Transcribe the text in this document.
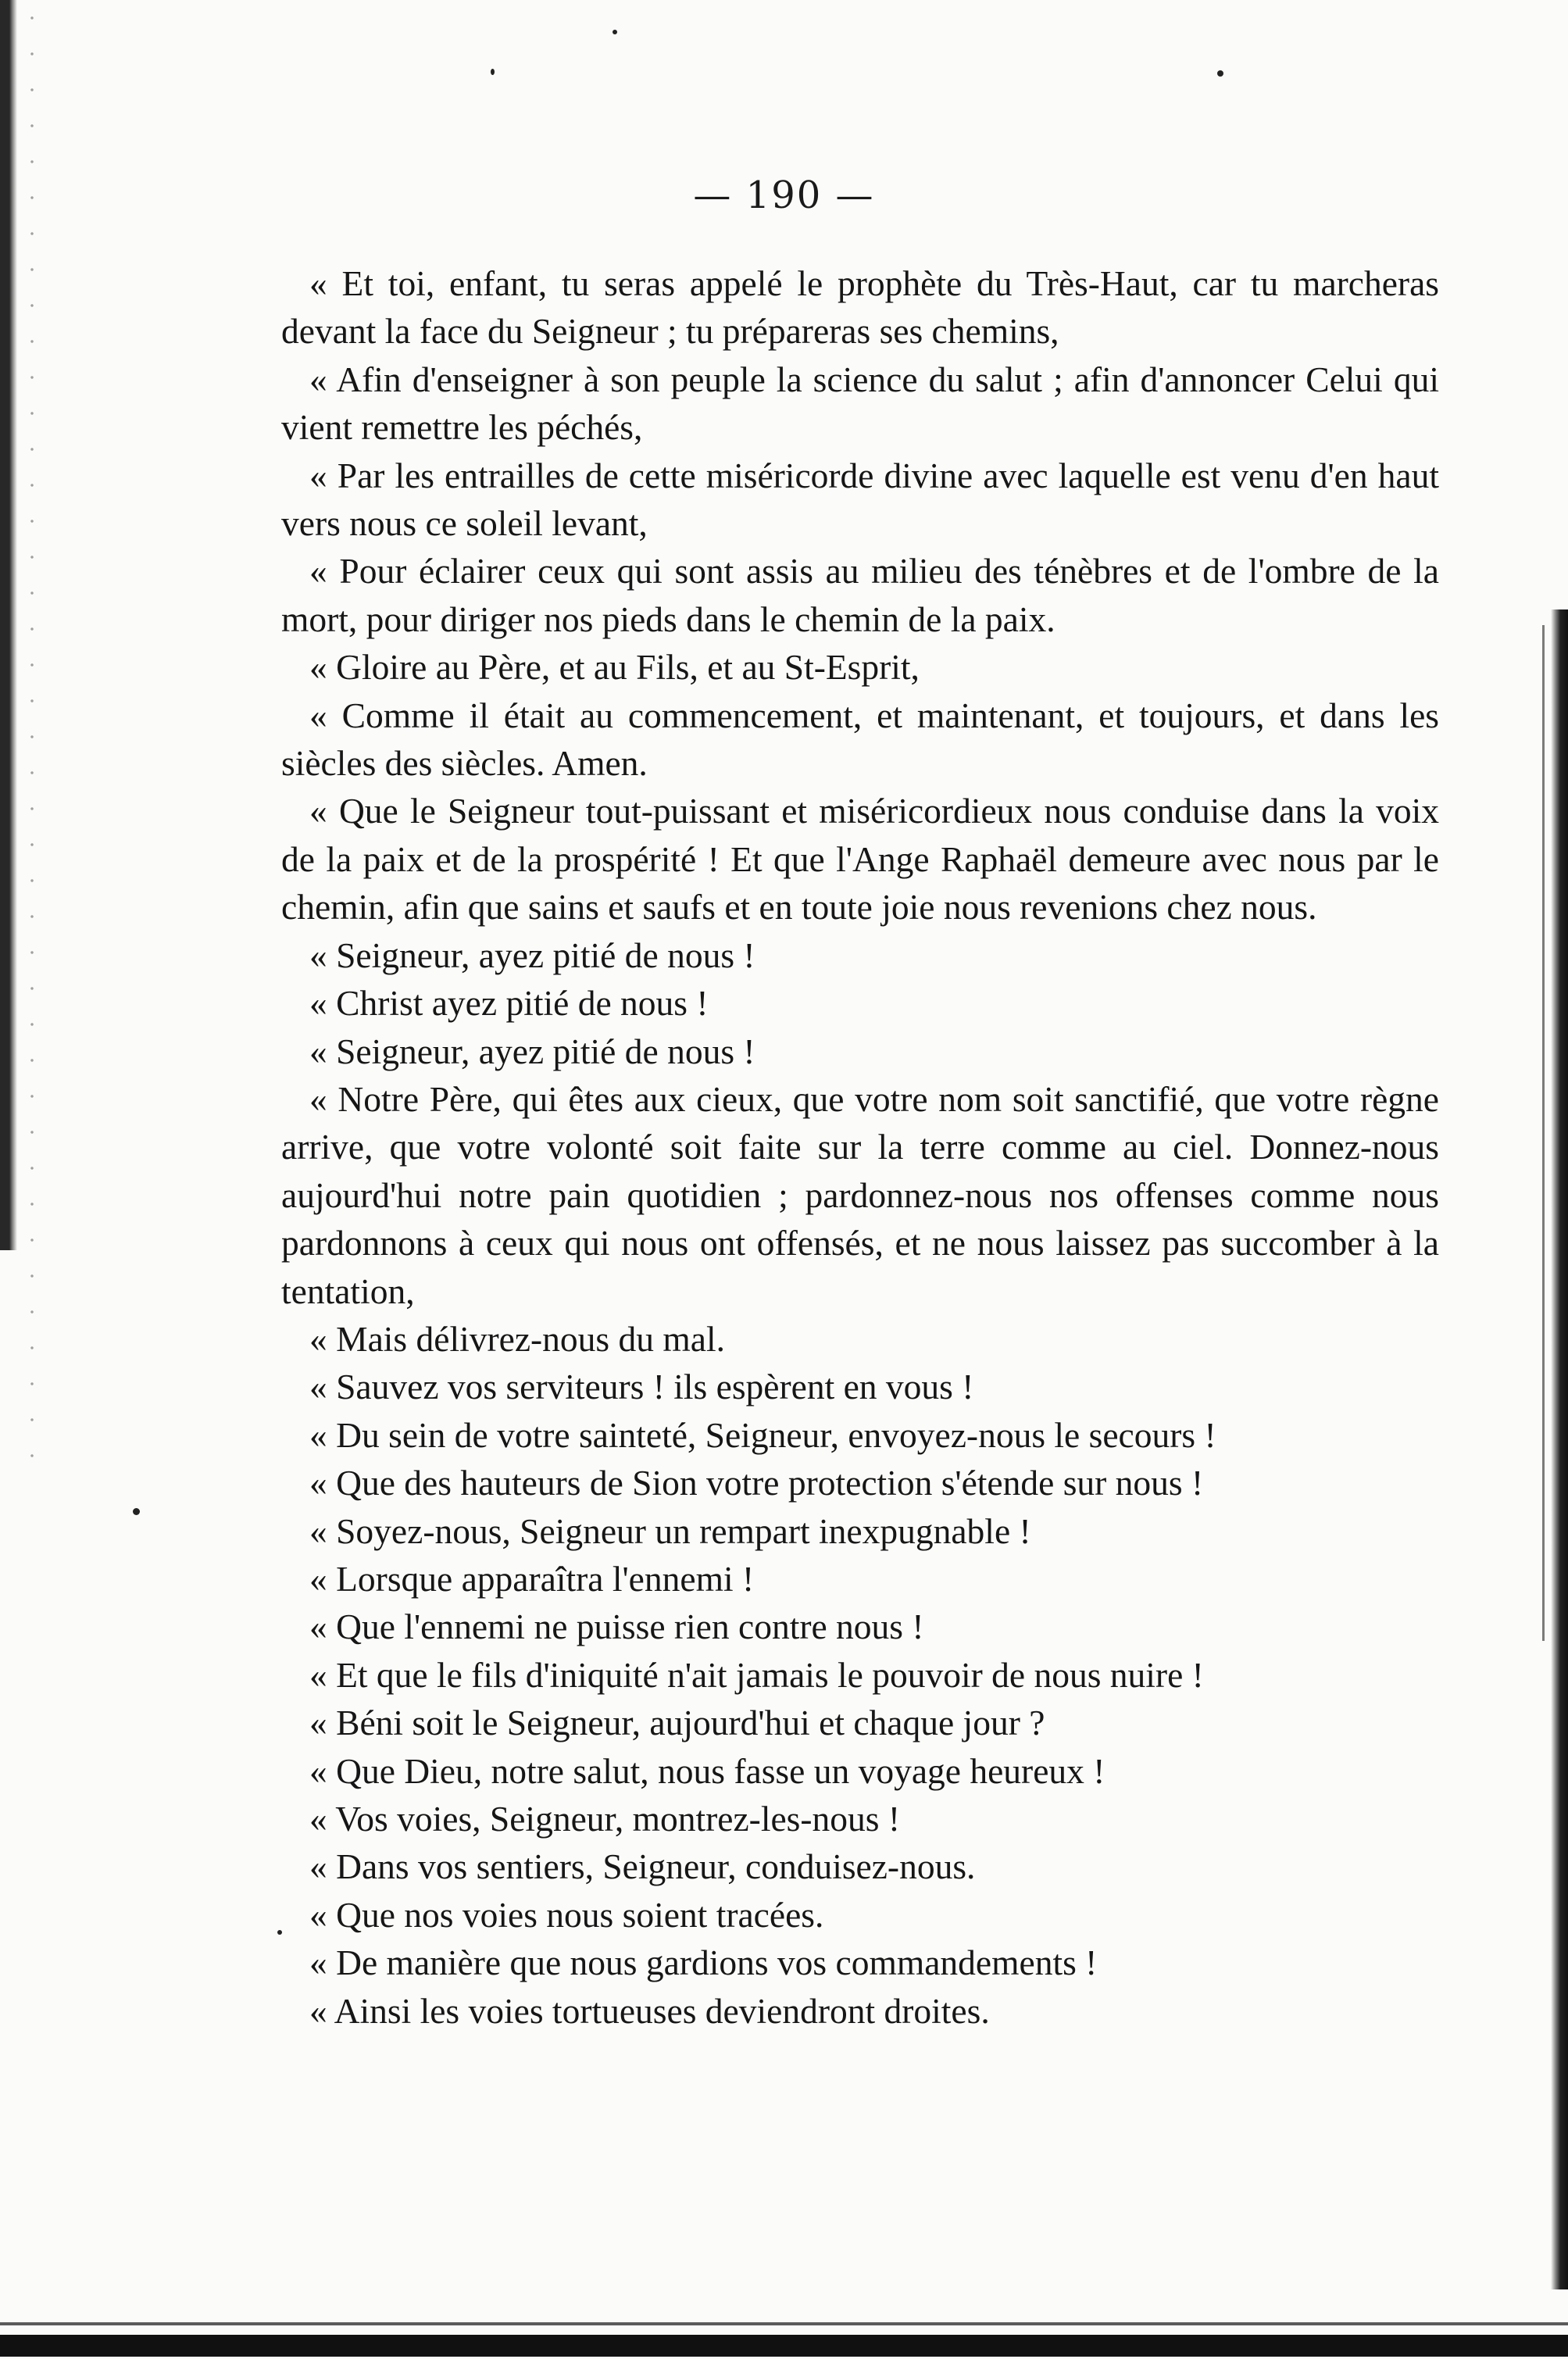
— 190 —

« Et toi, enfant, tu seras appelé le prophète du Très-Haut, car tu marcheras devant la face du Seigneur ; tu prépareras ses chemins,

« Afin d'enseigner à son peuple la science du salut ; afin d'annoncer Celui qui vient remettre les péchés,

« Par les entrailles de cette miséricorde divine avec laquelle est venu d'en haut vers nous ce soleil levant,

« Pour éclairer ceux qui sont assis au milieu des ténèbres et de l'ombre de la mort, pour diriger nos pieds dans le chemin de la paix.

« Gloire au Père, et au Fils, et au St-Esprit,

« Comme il était au commencement, et maintenant, et toujours, et dans les siècles des siècles. Amen.

« Que le Seigneur tout-puissant et miséricordieux nous conduise dans la voix de la paix et de la prospérité ! Et que l'Ange Raphaël demeure avec nous par le chemin, afin que sains et saufs et en toute joie nous revenions chez nous.

« Seigneur, ayez pitié de nous !

« Christ ayez pitié de nous !

« Seigneur, ayez pitié de nous !

« Notre Père, qui êtes aux cieux, que votre nom soit sanctifié, que votre règne arrive, que votre volonté soit faite sur la terre comme au ciel. Donnez-nous aujourd'hui notre pain quotidien ; pardonnez-nous nos offenses comme nous pardonnons à ceux qui nous ont offensés, et ne nous laissez pas succomber à la tentation,

« Mais délivrez-nous du mal.

« Sauvez vos serviteurs ! ils espèrent en vous !

« Du sein de votre sainteté, Seigneur, envoyez-nous le secours !

« Que des hauteurs de Sion votre protection s'étende sur nous !

« Soyez-nous, Seigneur un rempart inexpugnable !

« Lorsque apparaîtra l'ennemi !

« Que l'ennemi ne puisse rien contre nous !

« Et que le fils d'iniquité n'ait jamais le pouvoir de nous nuire !

« Béni soit le Seigneur, aujourd'hui et chaque jour ?

« Que Dieu, notre salut, nous fasse un voyage heureux !

« Vos voies, Seigneur, montrez-les-nous !

« Dans vos sentiers, Seigneur, conduisez-nous.

« Que nos voies nous soient tracées.

« De manière que nous gardions vos commandements !

« Ainsi les voies tortueuses deviendront droites.
